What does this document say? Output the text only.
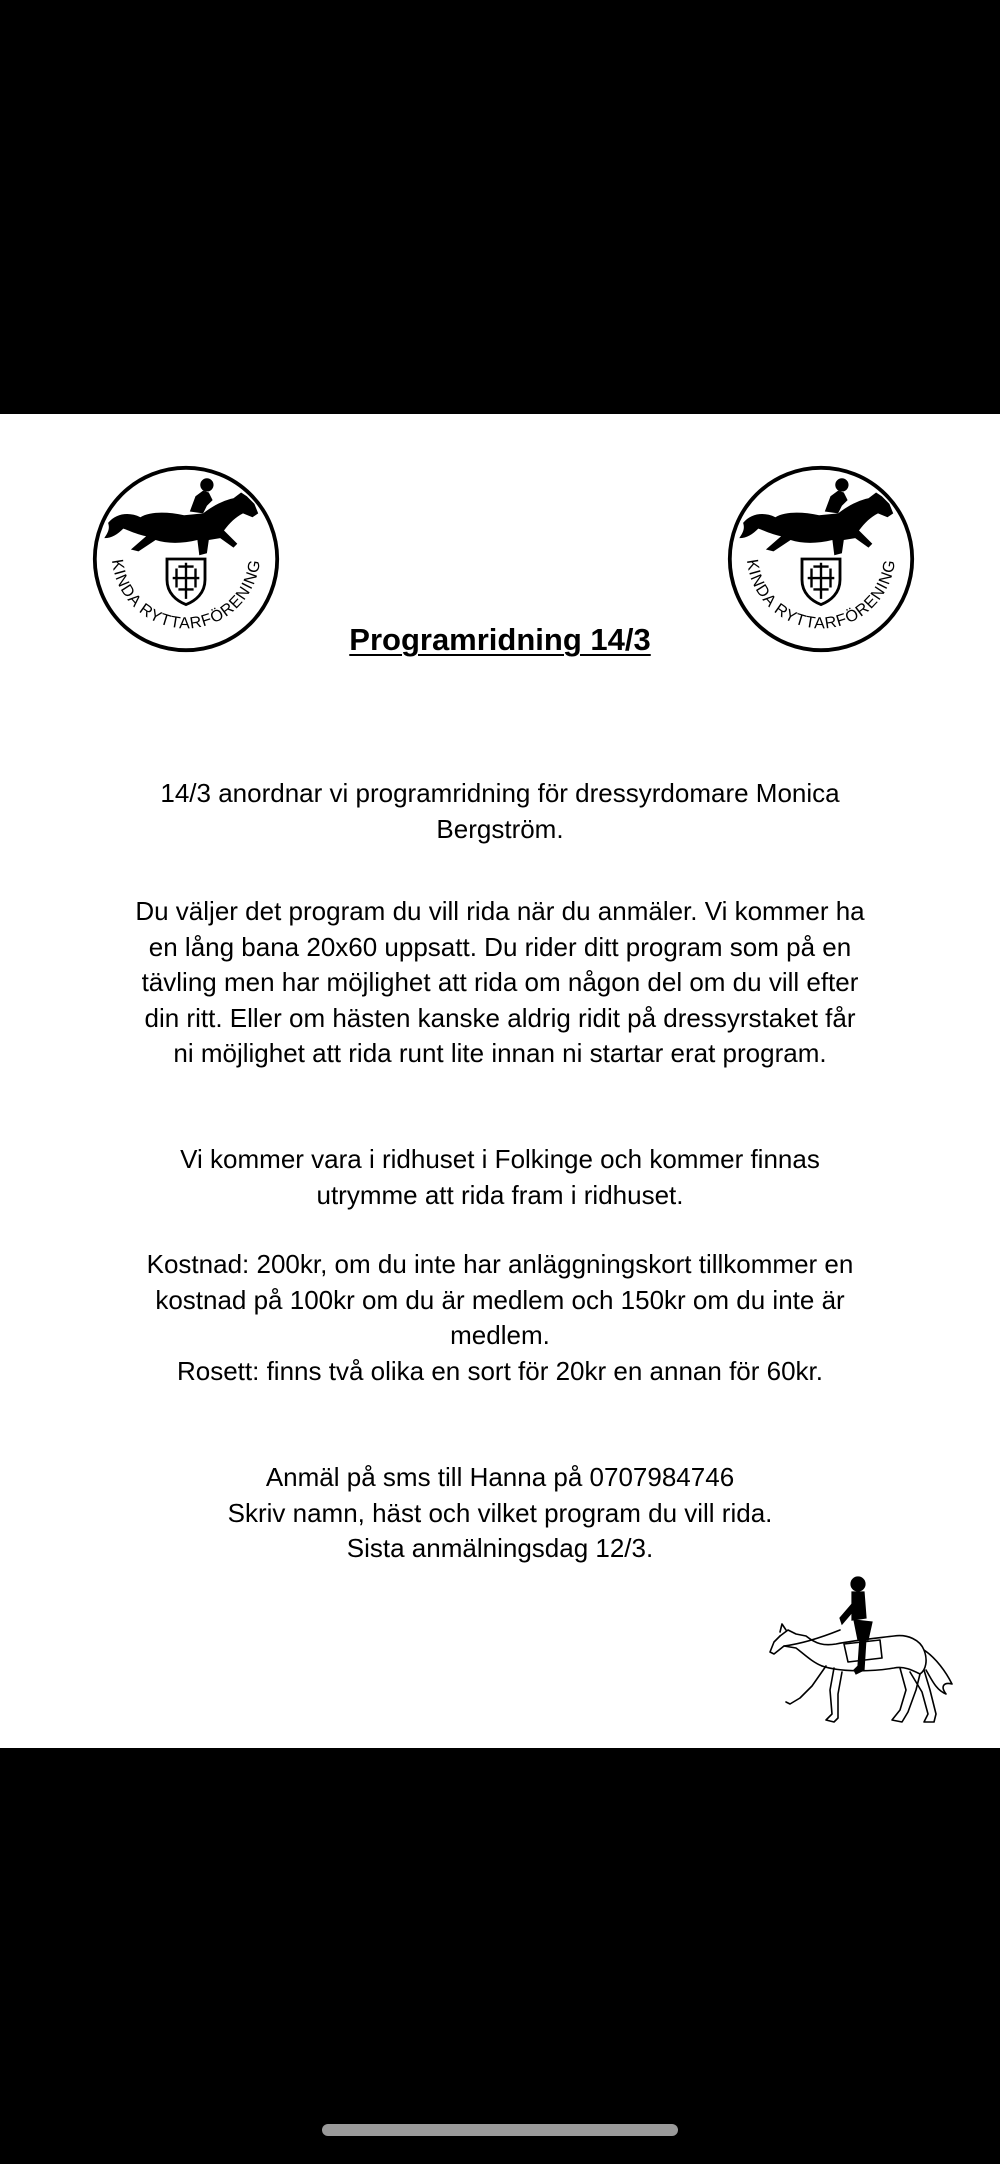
KINDA RYTTARFÖRENING	KINDA RYTTARFÖRENING
Programridning 14/3
14/3 anordnar vi programridning för dressyrdomare Monica
Bergström.
Du väljer det program du vill rida när du anmäler. Vi kommer ha
en lång bana 20x60 uppsatt. Du rider ditt program som på en
tävling men har möjlighet att rida om någon del om du vill efter
din ritt. Eller om hästen kanske aldrig ridit på dressyrstaket får
ni möjlighet att rida runt lite innan ni startar erat program.
Vi kommer vara i ridhuset i Folkinge och kommer finnas
utrymme att rida fram i ridhuset.
Kostnad: 200kr, om du inte har anläggningskort tillkommer en
kostnad på 100kr om du är medlem och 150kr om du inte är
medlem.
Rosett: finns två olika en sort för 20kr en annan för 60kr.
Anmäl på sms till Hanna på 0707984746
Skriv namn, häst och vilket program du vill rida.
Sista anmälningsdag 12/3.
